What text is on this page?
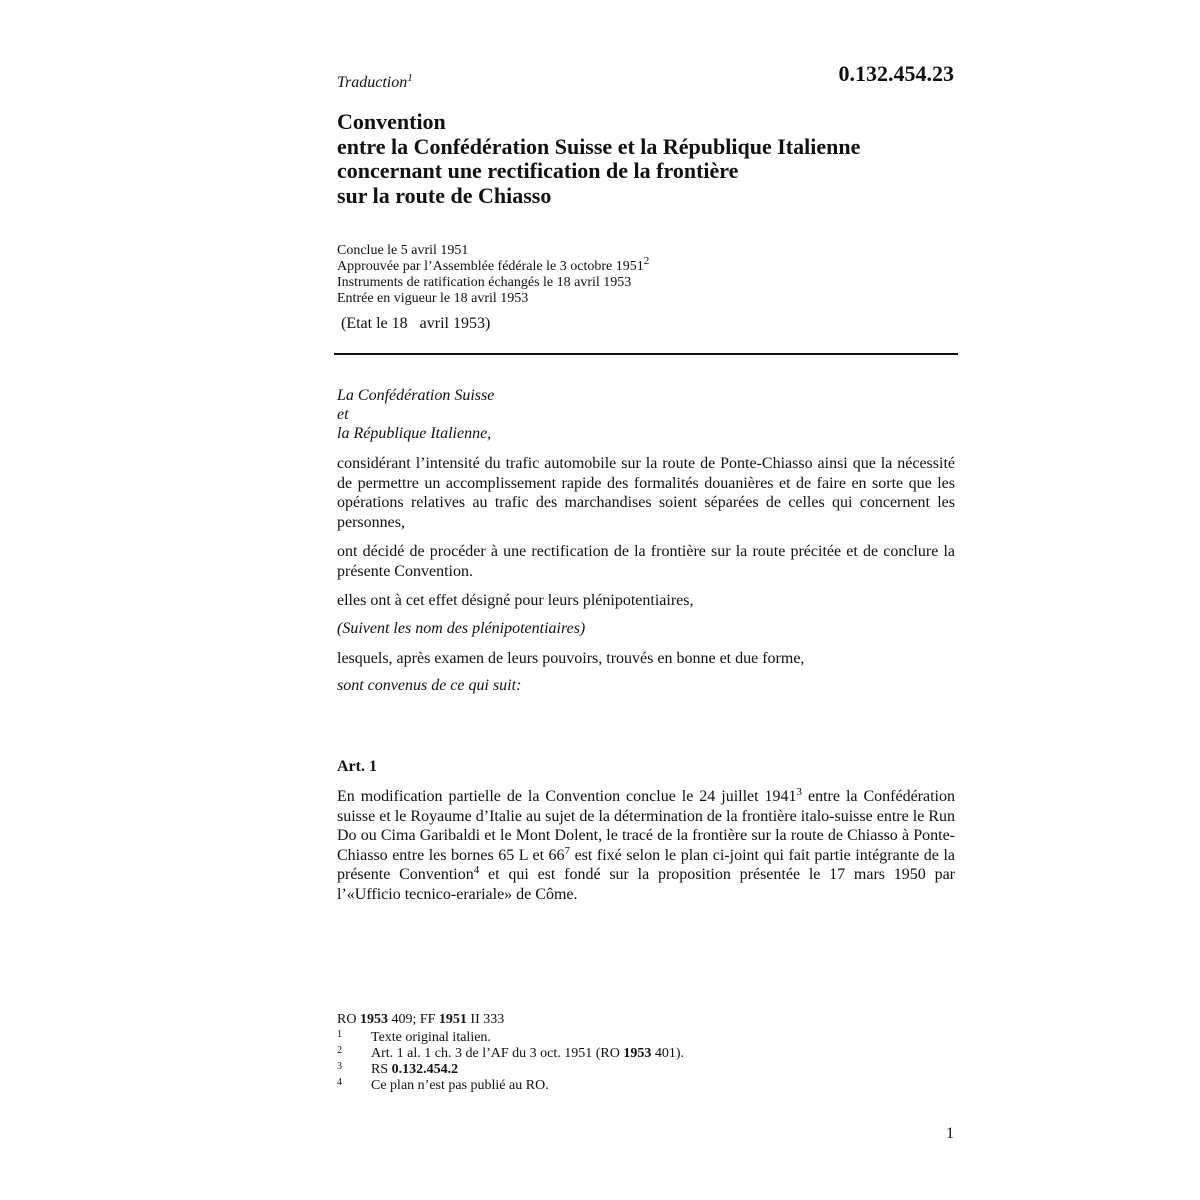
Traduction$^1$	0.132.454.23
Convention
entre la Confédération Suisse et la République Italienne
concernant une rectification de la frontière
sur la route de Chiasso
Conclue le 5 avril 1951
Approuvée par l’Assemblée fédérale le 3 octobre 1951$^2$
Instruments de ratification échangés le 18 avril 1953
Entrée en vigueur le 18 avril 1953
(Etat le 18   avril 1953)
La Confédération Suisse
et
la République Italienne,
considérant l’intensité du trafic automobile sur la route de Ponte-Chiasso ainsi que la nécessité de permettre un accomplissement rapide des formalités douanières et de faire en sorte que les opérations relatives au trafic des marchandises soient séparées de celles qui concernent les personnes,
ont décidé de procéder à une rectification de la frontière sur la route précitée et de conclure la présente Convention.
elles ont à cet effet désigné pour leurs plénipotentiaires,
(Suivent les nom des plénipotentiaires)
lesquels, après examen de leurs pouvoirs, trouvés en bonne et due forme,
sont convenus de ce qui suit:
Art. 1
En modification partielle de la Convention conclue le 24 juillet 1941$^3$ entre la Confédération suisse et le Royaume d’Italie au sujet de la détermination de la frontière italo-suisse entre le Run Do ou Cima Garibaldi et le Mont Dolent, le tracé de la frontière sur la route de Chiasso à Ponte-Chiasso entre les bornes 65 L et $66^7$ est fixé selon le plan ci-joint qui fait partie intégrante de la présente Convention$^4$ et qui est fondé sur la proposition présentée le 17 mars 1950 par l’«Ufficio tecnico-erariale» de Côme.
RO 1953 409; FF 1951 II 333
1 Texte original italien.
2 Art. 1 al. 1 ch. 3 de l’AF du 3 oct. 1951 (RO 1953 401).
3 RS 0.132.454.2
4 Ce plan n’est pas publié au RO.
1
